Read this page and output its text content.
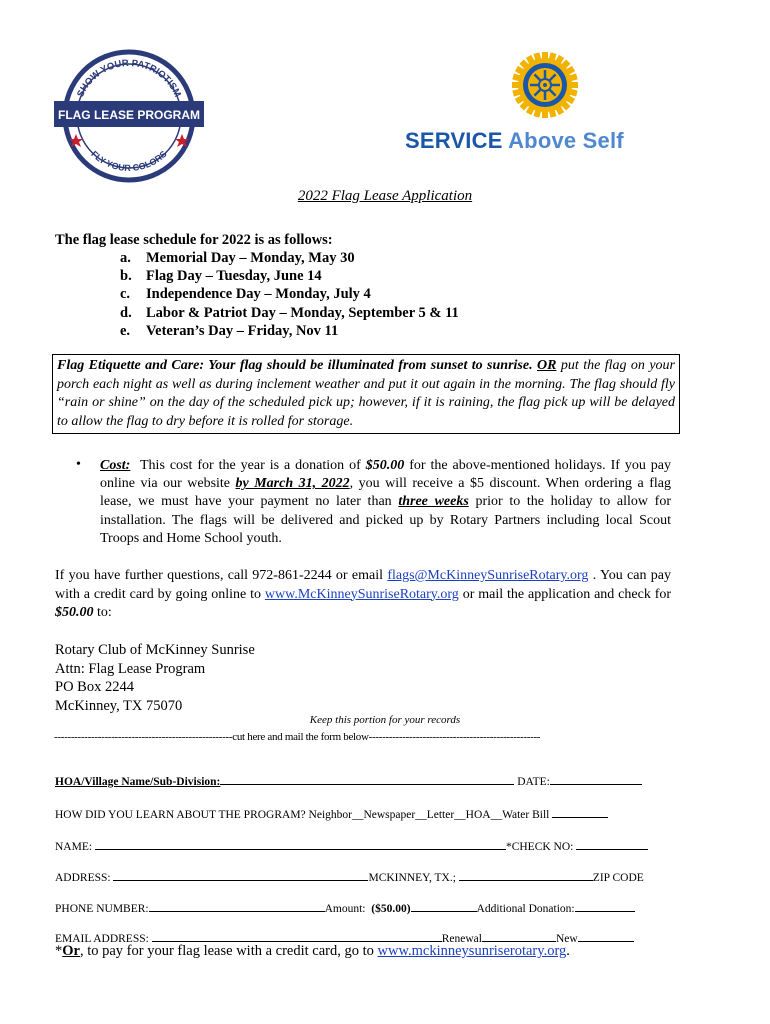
SHOW YOUR PATRIOTISM
FLAG LEASE PROGRAM
FLY YOUR COLORS
SERVICE Above Self
2022 Flag Lease Application
The flag lease schedule for 2022 is as follows:
a. Memorial Day – Monday, May 30
b. Flag Day – Tuesday, June 14
c. Independence Day – Monday, July 4
d. Labor & Patriot Day – Monday, September 5 & 11
e. Veteran’s Day – Friday, Nov 11
Flag Etiquette and Care: Your flag should be illuminated from sunset to sunrise. OR put the flag on your porch each night as well as during inclement weather and put it out again in the morning. The flag should fly “rain or shine” on the day of the scheduled pick up; however, if it is raining, the flag pick up will be delayed to allow the flag to dry before it is rolled for storage.
• Cost: This cost for the year is a donation of $50.00 for the above-mentioned holidays. If you pay online via our website by March 31, 2022, you will receive a $5 discount. When ordering a flag lease, we must have your payment no later than three weeks prior to the holiday to allow for installation. The flags will be delivered and picked up by Rotary Partners including local Scout Troops and Home School youth.
If you have further questions, call 972-861-2244 or email flags@McKinneySunriseRotary.org . You can pay with a credit card by going online to www.McKinneySunriseRotary.org or mail the application and check for $50.00 to:
Rotary Club of McKinney Sunrise
Attn: Flag Lease Program
PO Box 2244
McKinney, TX 75070
Keep this portion for your records
-----------------------------------------------------cut here and mail the form below---------------------------------------------------
HOA/Village Name/Sub-Division:	DATE:
HOW DID YOU LEARN ABOUT THE PROGRAM? Neighbor__Newspaper__Letter__HOA__Water Bill
NAME:	*CHECK NO:
ADDRESS:	MCKINNEY, TX.;	ZIP CODE
PHONE NUMBER:	Amount: ($50.00)	Additional Donation:
EMAIL ADDRESS:	Renewal	New
*Or, to pay for your flag lease with a credit card, go to www.mckinneysunriserotary.org.
